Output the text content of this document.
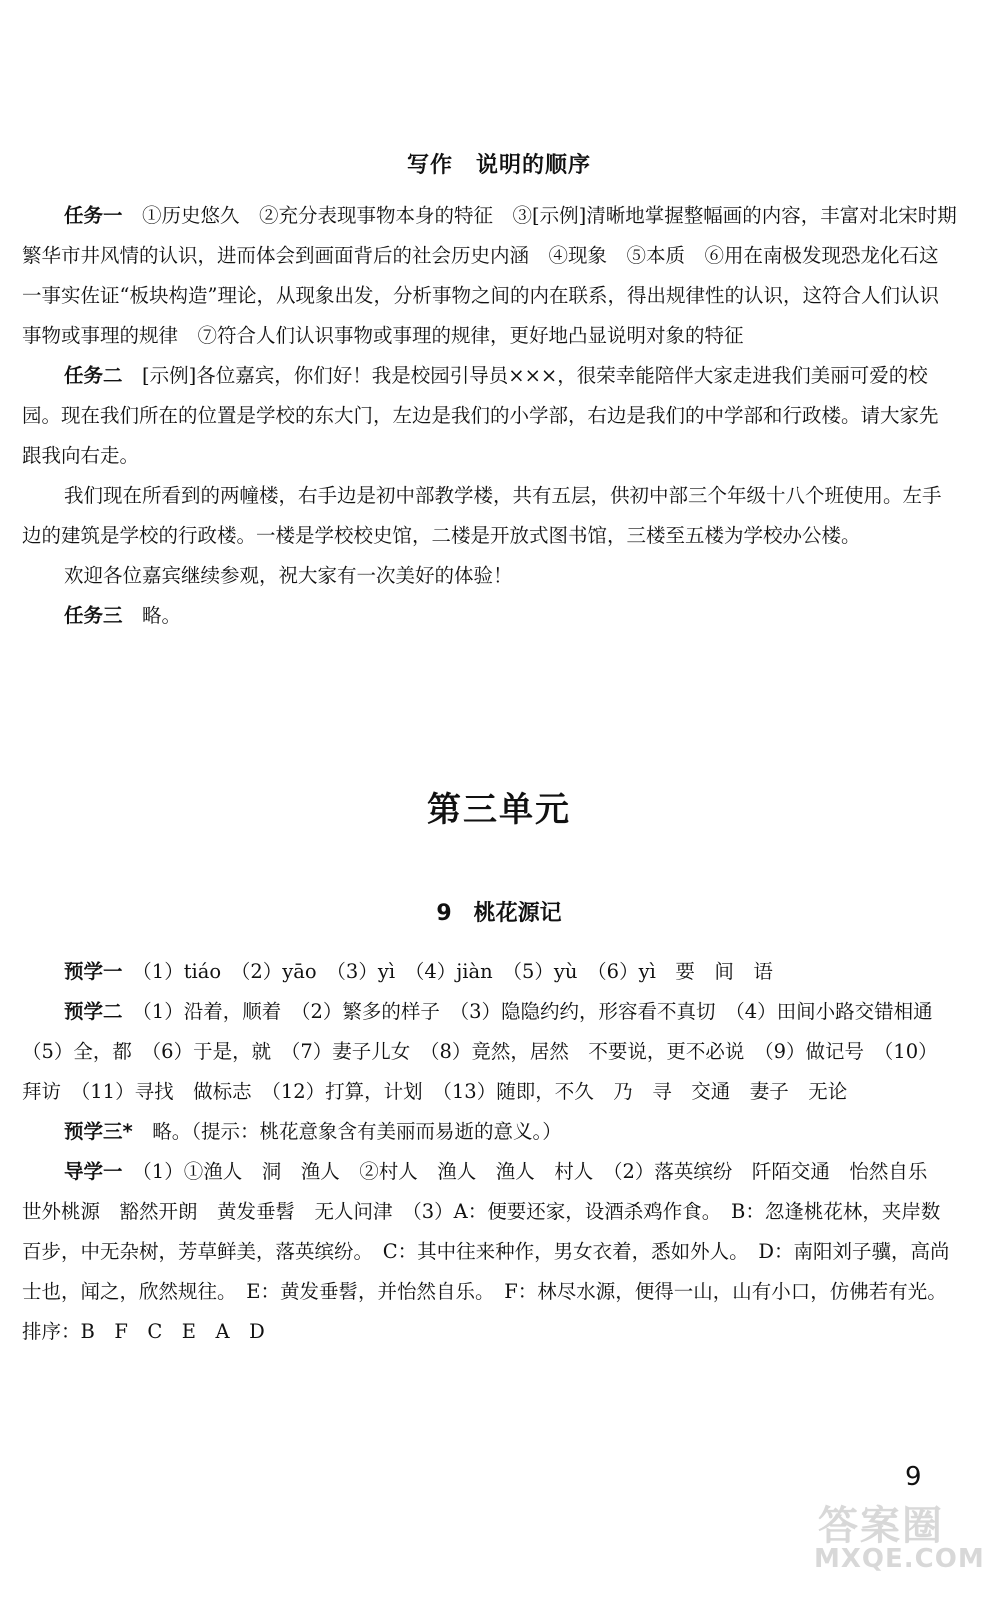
写作　说明的顺序

任务一　 ①历史悠久　②充分表现事物本身的特征　③[示例]清晰地掌握整幅画的内容，丰富对北宋时期繁华市井风情的认识，进而体会到画面背后的社会历史内涵　④现象　⑤本质　⑥用在南极发现恐龙化石这一事实佐证“板块构造”理论，从现象出发，分析事物之间的内在联系，得出规律性的认识，这符合人们认识事物或事理的规律　⑦符合人们认识事物或事理的规律，更好地凸显说明对象的特征

任务二　 [示例]各位嘉宾，你们好！我是校园引导员×××，很荣幸能陪伴大家走进我们美丽可爱的校园。现在我们所在的位置是学校的东大门，左边是我们的小学部，右边是我们的中学部和行政楼。请大家先跟我向右走。

我们现在所看到的两幢楼，右手边是初中部教学楼，共有五层，供初中部三个年级十八个班使用。左手边的建筑是学校的行政楼。一楼是学校校史馆，二楼是开放式图书馆，三楼至五楼为学校办公楼。

欢迎各位嘉宾继续参观，祝大家有一次美好的体验！

任务三　 略。

第三单元
9　桃花源记

预学一　 （1）tiáo　（2）yāo　（3）yì　（4）jiàn　（5）yù　（6）yì　要　间　语

预学二　 （1）沿着，顺着　（2）繁多的样子　（3）隐隐约约，形容看不真切　（4）田间小路交错相通　（5）全，都　（6）于是，就　（7）妻子儿女　（8）竟然，居然　不要说，更不必说　（9）做记号　（10）拜访　（11）寻找　做标志　（12）打算，计划　（13）随即，不久　乃　寻　交通　妻子　无论

预学三*　 略。（提示：桃花意象含有美丽而易逝的意义。）

导学一　 （1）①渔人　洞　渔人　②村人　渔人　渔人　村人　（2）落英缤纷　阡陌交通　怡然自乐　世外桃源　豁然开朗　黄发垂髫　无人问津　（3）A：便要还家，设酒杀鸡作食。　B：忽逢桃花林，夹岸数百步，中无杂树，芳草鲜美，落英缤纷。　C：其中往来种作，男女衣着，悉如外人。　D：南阳刘子骥，高尚士也，闻之，欣然规往。　E：黄发垂髫，并怡然自乐。　F：林尽水源，便得一山，山有小口，仿佛若有光。　排序：B　F　C　E　A　D

9
答案圈
MXQE.COM
